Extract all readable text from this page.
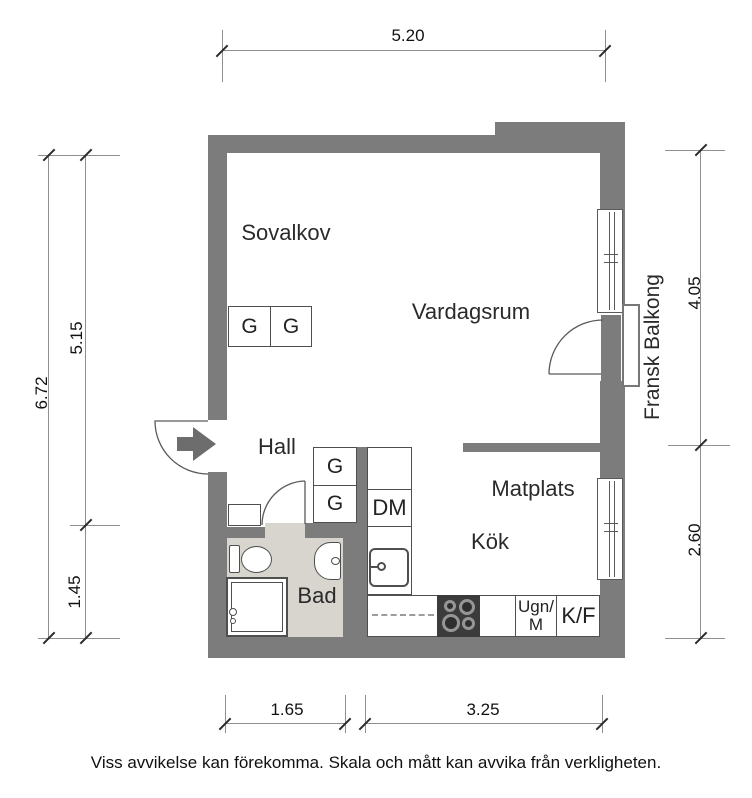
G G
G
G DM
Ugn/
M K/F
Sovalkov
Vardagsrum
Hall
Matplats
Kök
Bad
Fransk Balkong
5.20
6.72
5.15
1.45
4.05
2.60
1.65	3.25
Viss avvikelse kan förekomma. Skala och mått kan avvika från verkligheten.
